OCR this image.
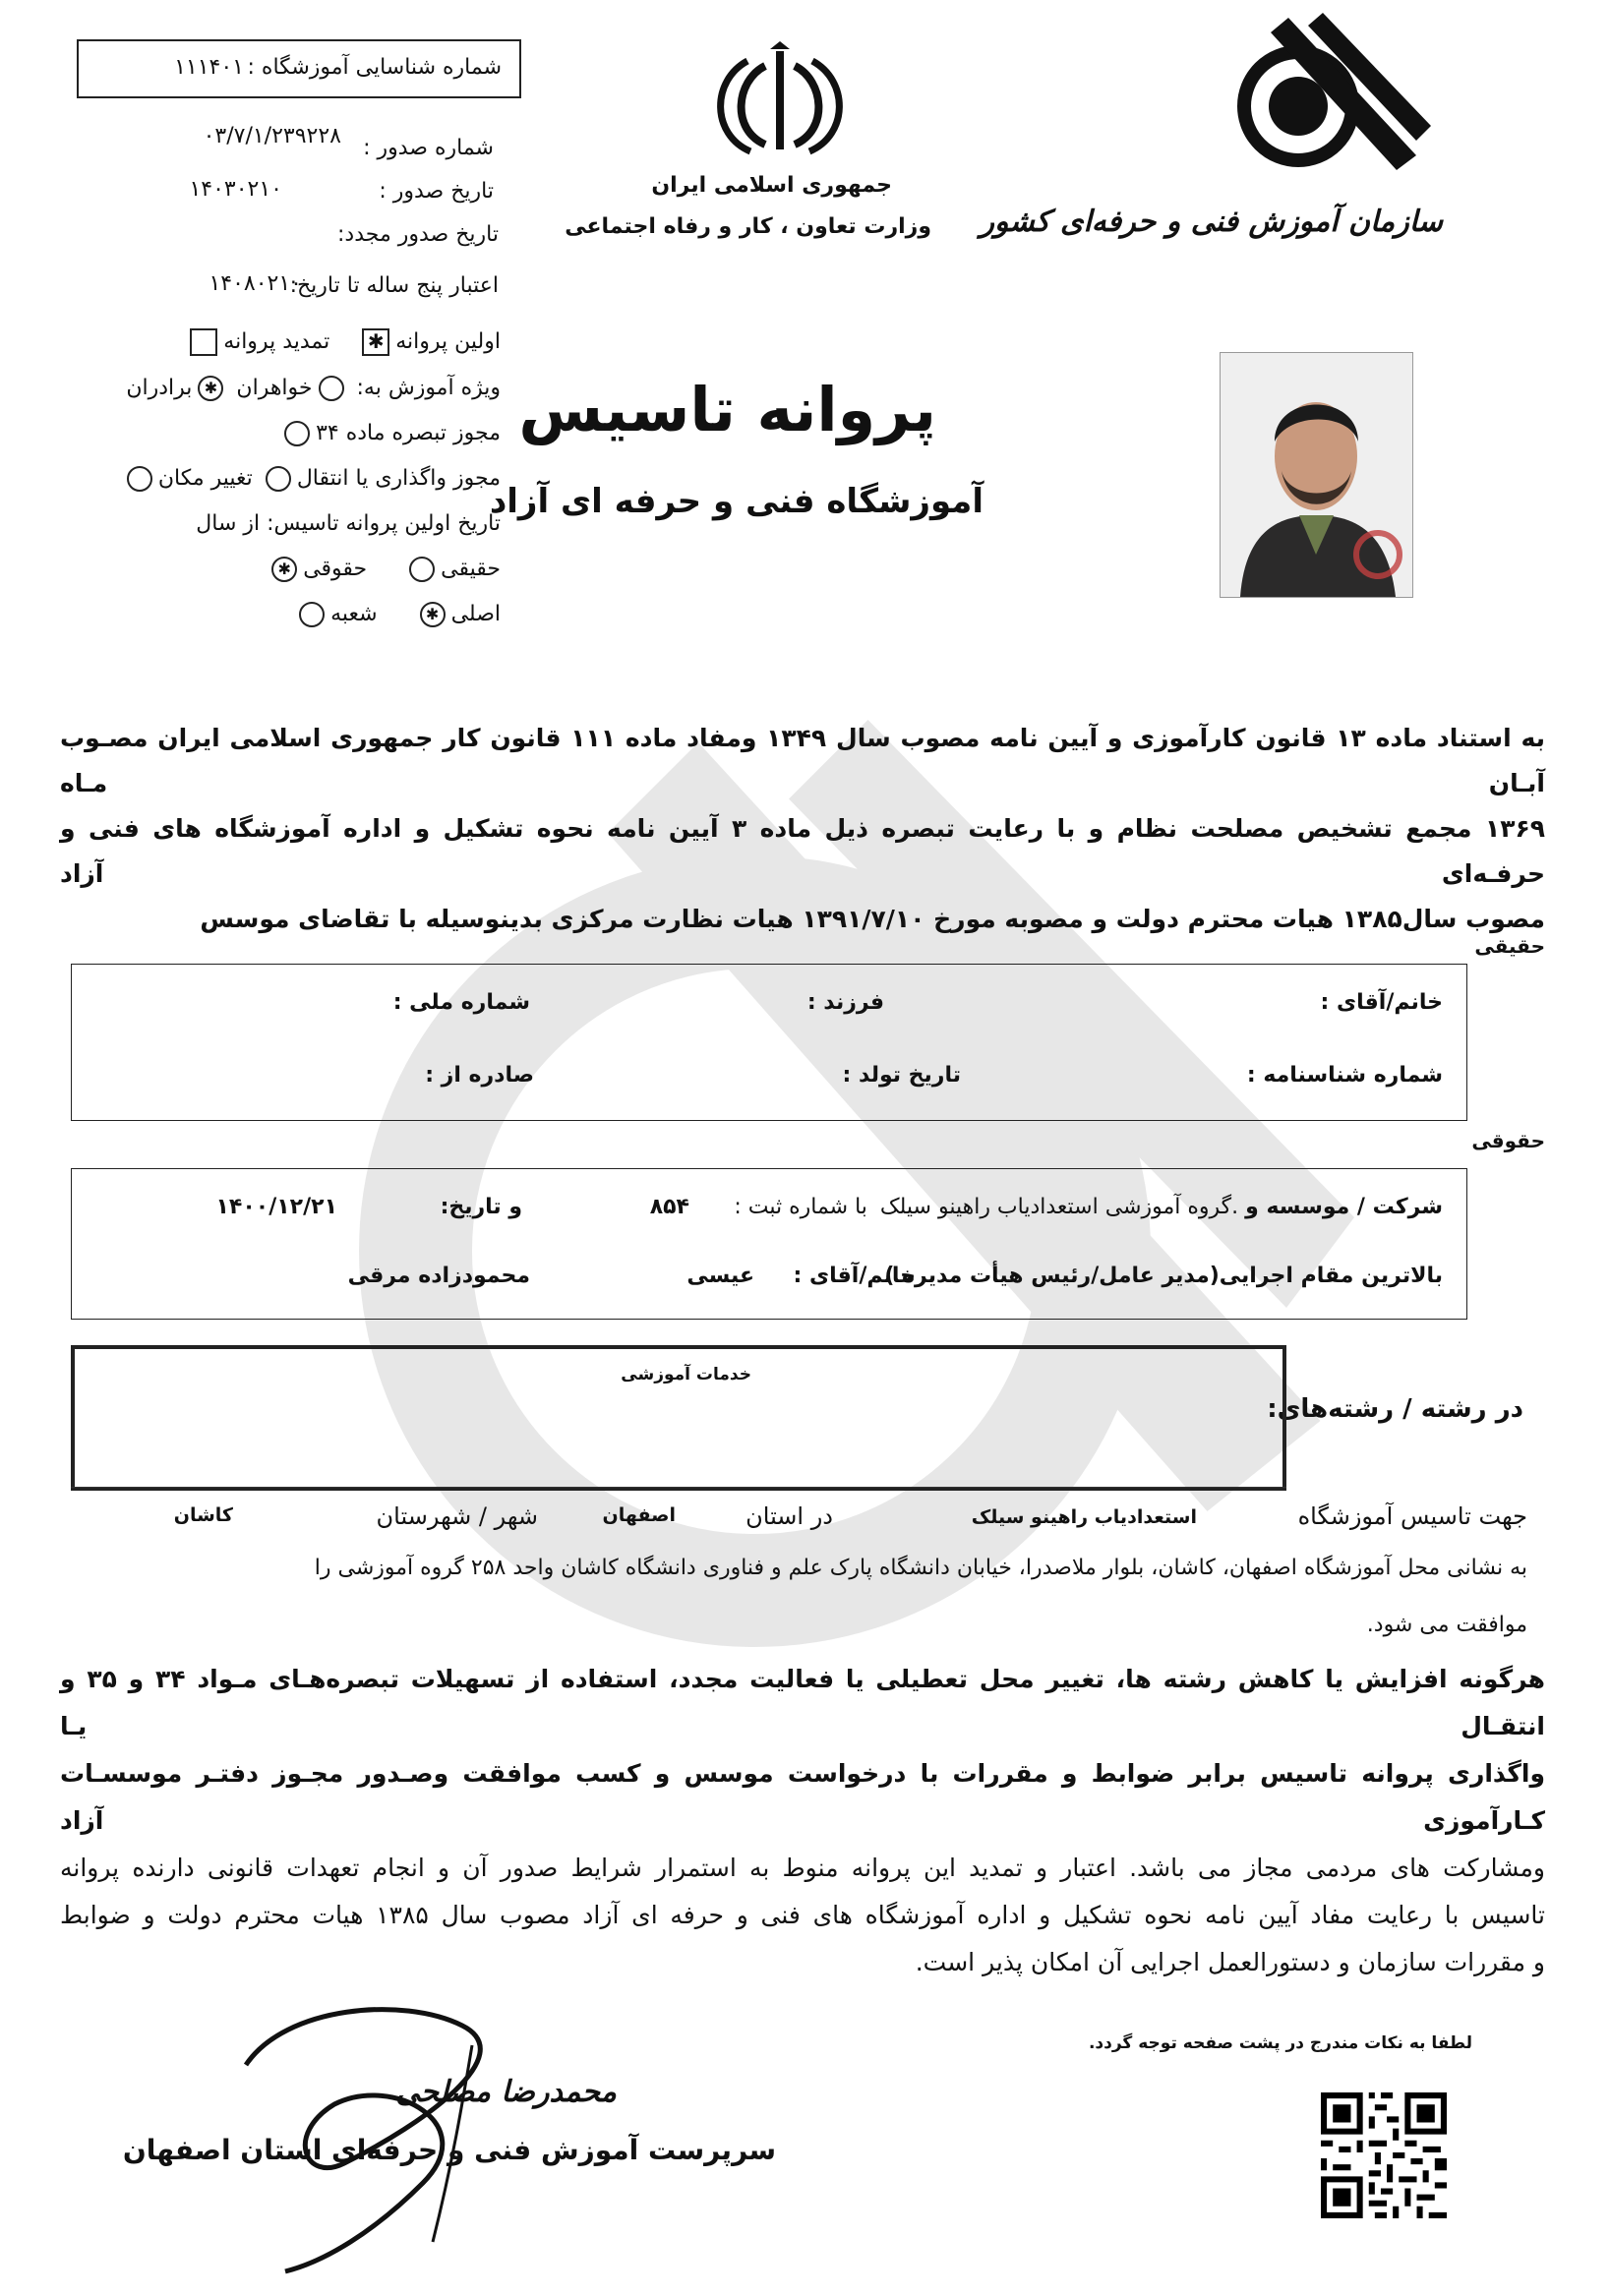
شماره شناسایی آموزشگاه :
۱۱۱۴۰۱
شماره صدور :
۰۳/۷/۱/۲۳۹۲۲۸
تاریخ صدور :
۱۴۰۳۰۲۱۰
تاریخ صدور مجدد:
اعتبار پنج ساله تا تاریخ:
۱۴۰۸۰۲۱۰
اولین پروانه✱ تمدید پروانه
ویژه آموزش به: خواهران ✱برادران
مجوز تبصره ماده ۳۴
مجوز واگذاری یا انتقال تغییر مکان
تاریخ اولین پروانه تاسیس: از سال
حقیقی حقوقی✱
اصلی✱ شعبه
جمهوری اسلامی ایران
وزارت تعاون ، کار و رفاه اجتماعی سازمان آموزش فنی و حرفه‌ای کشور
پروانه تاسیس
آموزشگاه فنی و حرفه ای آزاد
به استناد ماده ۱۳ قانون کارآموزی و آیین نامه مصوب سال ۱۳۴۹ ومفاد ماده ۱۱۱ قانون کار جمهوری اسلامی ایران مصـوب آبـان مـاه
۱۳۶۹ مجمع تشخیص مصلحت نظام و با رعایت تبصره ذیل ماده ۳ آیین نامه نحوه تشکیل و اداره آموزشگاه های فنی و حرفـه‌ای آزاد
مصوب سال۱۳۸۵ هیات محترم دولت و مصوبه مورخ ۱۳۹۱/۷/۱۰ هیات نظارت مرکزی بدینوسیله با تقاضای موسس
حقیقی
خانم/آقای :
فرزند :
شماره ملی :
شماره شناسنامه :
تاریخ تولد :
صادره از :
حقوقی
شرکت / موسسه و .گروه آموزشی استعدادیاب راهینو سیلک با شماره ثبت :
۸۵۴
و تاریخ:
۱۴۰۰/۱۲/۲۱
بالاترین مقام اجرایی(مدیر عامل/رئیس هیأت مدیره )
خانم/آقای :
عیسی
محمودزاده مرقی
در رشته / رشته‌های:
خدمات آموزشی
جهت تاسیس آموزشگاه
استعدادیاب راهینو سیلک
در استان
اصفهان
شهر / شهرستان
کاشان
به نشانی محل آموزشگاه اصفهان، کاشان، بلوار ملاصدرا، خیابان دانشگاه پارک علم و فناوری دانشگاه کاشان واحد ۲۵۸ گروه آموزشی را
موافقت می شود.
هرگونه افزایش یا کاهش رشته ها، تغییر محل تعطیلی یا فعالیت مجدد، استفاده از تسهیلات تبصره‌هـای مـواد ۳۴ و ۳۵ و انتقـال یـا
واگذاری پروانه تاسیس برابر ضوابط و مقررات با درخواست موسس و کسب موافقت وصـدور مجـوز دفتـر موسسـات کـارآموزی آزاد
ومشارکت های مردمی مجاز می باشد. اعتبار و تمدید این پروانه منوط به استمرار شرایط صدور آن و انجام تعهدات قانونی دارنده پروانه
تاسیس با رعایت مفاد آیین نامه نحوه تشکیل و اداره آموزشگاه های فنی و حرفه ای آزاد مصوب سال ۱۳۸۵ هیات محترم دولت و ضوابط
و مقررات سازمان و دستورالعمل اجرایی آن امکان پذیر است.
لطفا به نکات مندرج در پشت صفحه توجه گردد.
محمدرضا مصلحی
سرپرست آموزش فنی و حرفه‌ای استان اصفهان
